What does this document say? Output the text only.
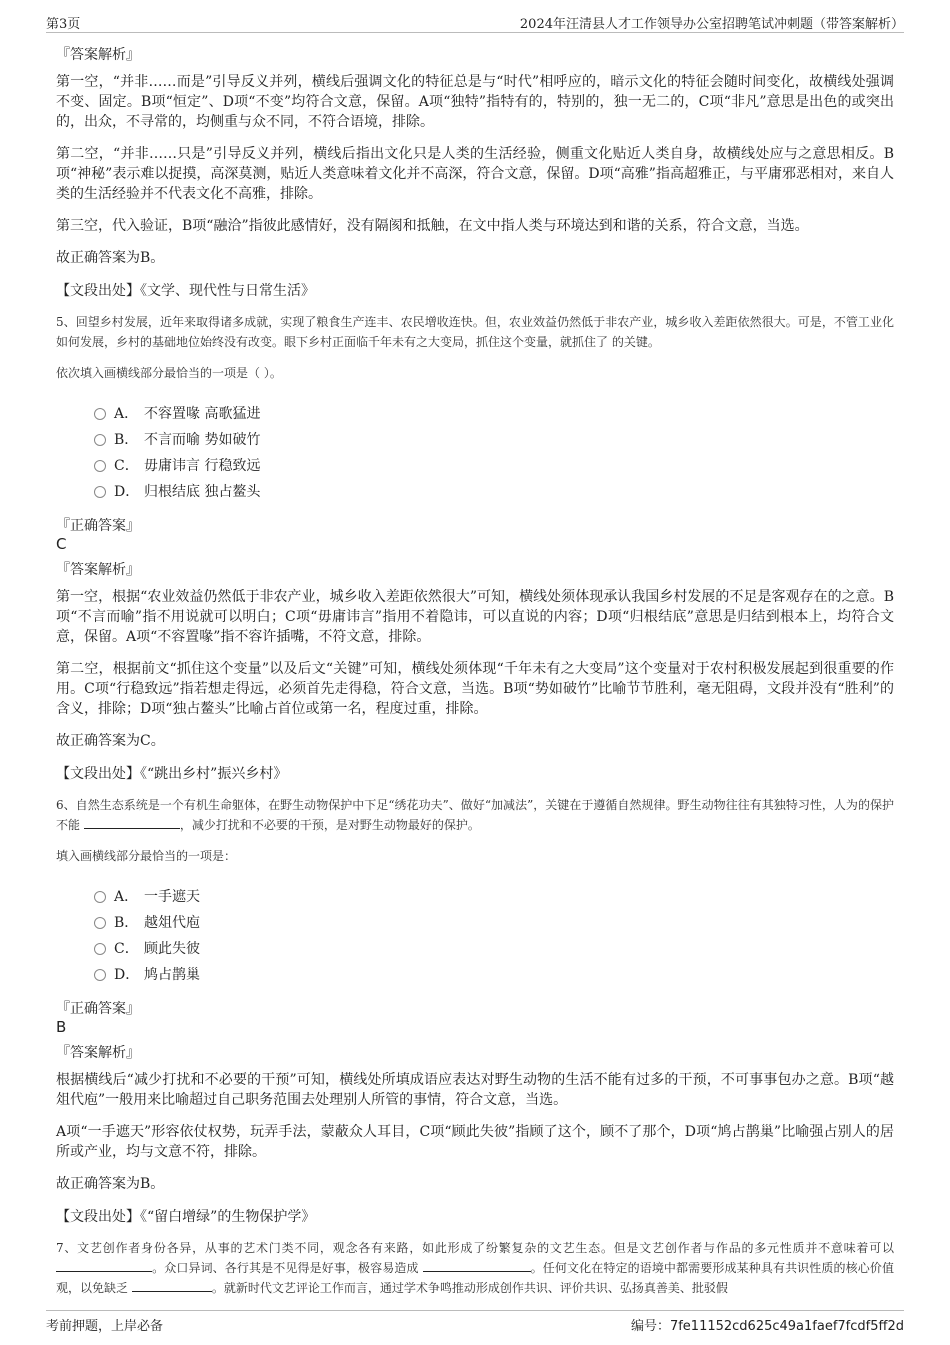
第3页	2024年汪清县人才工作领导办公室招聘笔试冲刺题（带答案解析）
『答案解析』

第一空，“并非……而是”引导反义并列，横线后强调文化的特征总是与“时代”相呼应的，暗示文化的特征会随时间变化，故横线处强调不变、固定。B项“恒定”、D项“不变”均符合文意，保留。A项“独特”指特有的，特别的，独一无二的，C项“非凡”意思是出色的或突出的，出众，不寻常的，均侧重与众不同，不符合语境，排除。

第二空，“并非……只是”引导反义并列，横线后指出文化只是人类的生活经验，侧重文化贴近人类自身，故横线处应与之意思相反。B项“神秘”表示难以捉摸，高深莫测，贴近人类意味着文化并不高深，符合文意，保留。D项“高雅”指高超雅正，与平庸邪恶相对，来自人类的生活经验并不代表文化不高雅，排除。

第三空，代入验证，B项“融洽”指彼此感情好，没有隔阂和抵触，在文中指人类与环境达到和谐的关系，符合文意，当选。

故正确答案为B。

【文段出处】《文学、现代性与日常生活》

5、回望乡村发展，近年来取得诸多成就，实现了粮食生产连丰、农民增收连快。但，农业效益仍然低于非农产业，城乡收入差距依然很大。可是，不管工业化如何发展，乡村的基础地位始终没有改变。眼下乡村正面临千年未有之大变局，抓住这个变量，就抓住了 的关键。

依次填入画横线部分最恰当的一项是（ ）。
A． 不容置喙 高歌猛进
B． 不言而喻 势如破竹
C． 毋庸讳言 行稳致远
D． 归根结底 独占鳌头
『正确答案』
C
『答案解析』

第一空，根据“农业效益仍然低于非农产业，城乡收入差距依然很大”可知，横线处须体现承认我国乡村发展的不足是客观存在的之意。B项“不言而喻”指不用说就可以明白；C项“毋庸讳言”指用不着隐讳，可以直说的内容；D项“归根结底”意思是归结到根本上，均符合文意，保留。A项“不容置喙”指不容许插嘴，不符文意，排除。

第二空，根据前文“抓住这个变量”以及后文“关键”可知，横线处须体现“千年未有之大变局”这个变量对于农村积极发展起到很重要的作用。C项“行稳致远”指若想走得远，必须首先走得稳，符合文意，当选。B项“势如破竹”比喻节节胜利，毫无阻碍，文段并没有“胜利”的含义，排除；D项“独占鳌头”比喻占首位或第一名，程度过重，排除。

故正确答案为C。

【文段出处】《“跳出乡村”振兴乡村》

6、自然生态系统是一个有机生命躯体，在野生动物保护中下足“绣花功夫”、做好“加减法”，关键在于遵循自然规律。野生动物往往有其独特习性，人为的保护不能	，减少打扰和不必要的干预，是对野生动物最好的保护。

填入画横线部分最恰当的一项是：
A． 一手遮天
B． 越俎代庖
C． 顾此失彼
D． 鸠占鹊巢
『正确答案』
B
『答案解析』

根据横线后“减少打扰和不必要的干预”可知，横线处所填成语应表达对野生动物的生活不能有过多的干预，不可事事包办之意。B项“越俎代庖”一般用来比喻超过自己职务范围去处理别人所管的事情，符合文意，当选。

A项“一手遮天”形容依仗权势，玩弄手法，蒙蔽众人耳目，C项“顾此失彼”指顾了这个，顾不了那个，D项“鸠占鹊巢”比喻强占别人的居所或产业，均与文意不符，排除。

故正确答案为B。

【文段出处】《“留白增绿”的生物保护学》

7、文艺创作者身份各异，从事的艺术门类不同，观念各有来路，如此形成了纷繁复杂的文艺生态。但是文艺创作者与作品的多元性质并不意味着可以 。众口异词、各行其是不见得是好事，极容易造成	。任何文化在特定的语境中都需要形成某种具有共识性质的核心价值观，以免缺乏	。就新时代文艺评论工作而言，通过学术争鸣推动形成创作共识、评价共识、弘扬真善美、批驳假

考前押题，上岸必备	编号：7fe11152cd625c49a1faef7fcdf5ff2d
